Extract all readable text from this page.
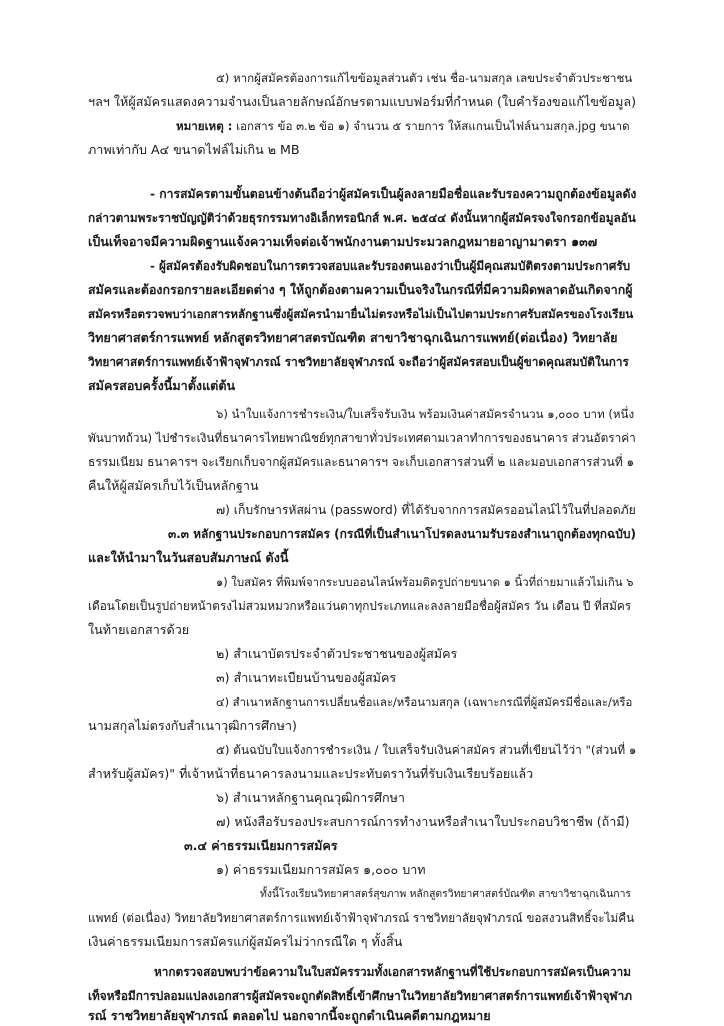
๕) หากผู้สมัครต้องการแก้ไขข้อมูลส่วนตัว เช่น ชื่อ-นามสกุล เลขประจำตัวประชาชน
ฯลฯ ให้ผู้สมัครแสดงความจำนงเป็นลายลักษณ์อักษรตามแบบฟอร์มที่กำหนด (ใบคำร้องขอแก้ไขข้อมูล)
หมายเหตุ : เอกสาร ข้อ ๓.๒ ข้อ ๑) จำนวน ๕ รายการ ให้สแกนเป็นไฟล์นามสกุล.jpg ขนาด
ภาพเท่ากับ A๔ ขนาดไฟล์ไม่เกิน ๒ MB
- การสมัครตามขั้นตอนข้างต้นถือว่าผู้สมัครเป็นผู้ลงลายมือชื่อและรับรองความถูกต้องข้อมูลดัง
กล่าวตามพระราชบัญญัติว่าด้วยธุรกรรมทางอิเล็กทรอนิกส์ พ.ศ. ๒๕๔๔ ดังนั้นหากผู้สมัครจงใจกรอกข้อมูลอัน
เป็นเท็จอาจมีความผิดฐานแจ้งความเท็จต่อเจ้าพนักงานตามประมวลกฎหมายอาญามาตรา ๑๓๗
- ผู้สมัครต้องรับผิดชอบในการตรวจสอบและรับรองตนเองว่าเป็นผู้มีคุณสมบัติตรงตามประกาศรับ
สมัครและต้องกรอกรายละเอียดต่าง ๆ ให้ถูกต้องตามความเป็นจริงในกรณีที่มีความผิดพลาดอันเกิดจากผู้
สมัครหรือตรวจพบว่าเอกสารหลักฐานซึ่งผู้สมัครนำมายื่นไม่ตรงหรือไม่เป็นไปตามประกาศรับสมัครของโรงเรียน
วิทยาศาสตร์การแพทย์ หลักสูตรวิทยาศาสตรบัณฑิต สาขาวิชาฉุกเฉินการแพทย์(ต่อเนื่อง) วิทยาลัย
วิทยาศาสตร์การแพทย์เจ้าฟ้าจุฬาภรณ์ ราชวิทยาลัยจุฬาภรณ์ จะถือว่าผู้สมัครสอบเป็นผู้ขาดคุณสมบัติในการ
สมัครสอบครั้งนี้มาตั้งแต่ต้น
๖) นำใบแจ้งการชำระเงิน/ใบเสร็จรับเงิน พร้อมเงินค่าสมัครจำนวน ๑,๐๐๐ บาท (หนึ่ง
พันบาทถ้วน) ไปชำระเงินที่ธนาคารไทยพาณิชย์ทุกสาขาทั่วประเทศตามเวลาทำการของธนาคาร ส่วนอัตราค่า
ธรรมเนียม ธนาคารฯ จะเรียกเก็บจากผู้สมัครและธนาคารฯ จะเก็บเอกสารส่วนที่ ๒ และมอบเอกสารส่วนที่ ๑
คืนให้ผู้สมัครเก็บไว้เป็นหลักฐาน
๗) เก็บรักษารหัสผ่าน (password) ที่ได้รับจากการสมัครออนไลน์ไว้ในที่ปลอดภัย
๓.๓ หลักฐานประกอบการสมัคร (กรณีที่เป็นสำเนาโปรดลงนามรับรองสำเนาถูกต้องทุกฉบับ)
และให้นำมาในวันสอบสัมภาษณ์ ดังนี้
๑) ใบสมัคร ที่พิมพ์จากระบบออนไลน์พร้อมติดรูปถ่ายขนาด ๑ นิ้วที่ถ่ายมาแล้วไม่เกิน ๖
เดือนโดยเป็นรูปถ่ายหน้าตรงไม่สวมหมวกหรือแว่นตาทุกประเภทและลงลายมือชื่อผู้สมัคร วัน เดือน ปี ที่สมัคร
ในท้ายเอกสารด้วย
๒) สำเนาบัตรประจำตัวประชาชนของผู้สมัคร
๓) สำเนาทะเบียนบ้านของผู้สมัคร
๔) สำเนาหลักฐานการเปลี่ยนชื่อและ/หรือนามสกุล (เฉพาะกรณีที่ผู้สมัครมีชื่อและ/หรือ
นามสกุลไม่ตรงกับสำเนาวุฒิการศึกษา)
๕) ต้นฉบับใบแจ้งการชำระเงิน / ใบเสร็จรับเงินค่าสมัคร ส่วนที่เขียนไว้ว่า "(ส่วนที่ ๑
สำหรับผู้สมัคร)" ที่เจ้าหน้าที่ธนาคารลงนามและประทับตราวันที่รับเงินเรียบร้อยแล้ว
๖) สำเนาหลักฐานคุณวุฒิการศึกษา
๗) หนังสือรับรองประสบการณ์การทำงานหรือสำเนาใบประกอบวิชาชีพ (ถ้ามี)
๓.๔ ค่าธรรมเนียมการสมัคร
๑) ค่าธรรมเนียมการสมัคร ๑,๐๐๐ บาท
ทั้งนี้โรงเรียนวิทยาศาสตร์สุขภาพ หลักสูตรวิทยาศาสตร์บัณฑิต สาขาวิชาฉุกเฉินการ
แพทย์ (ต่อเนื่อง) วิทยาลัยวิทยาศาสตร์การแพทย์เจ้าฟ้าจุฬาภรณ์ ราชวิทยาลัยจุฬาภรณ์ ขอสงวนสิทธิ์จะไม่คืน
เงินค่าธรรมเนียมการสมัครแก่ผู้สมัครไม่ว่ากรณีใด ๆ ทั้งสิ้น
หากตรวจสอบพบว่าข้อความในใบสมัครรวมทั้งเอกสารหลักฐานที่ใช้ประกอบการสมัครเป็นความ
เท็จหรือมีการปลอมแปลงเอกสารผู้สมัครจะถูกตัดสิทธิ์เข้าศึกษาในวิทยาลัยวิทยาศาสตร์การแพทย์เจ้าฟ้าจุฬาภ
รณ์ ราชวิทยาลัยจุฬาภรณ์ ตลอดไป นอกจากนี้จะถูกดำเนินคดีตามกฎหมาย
